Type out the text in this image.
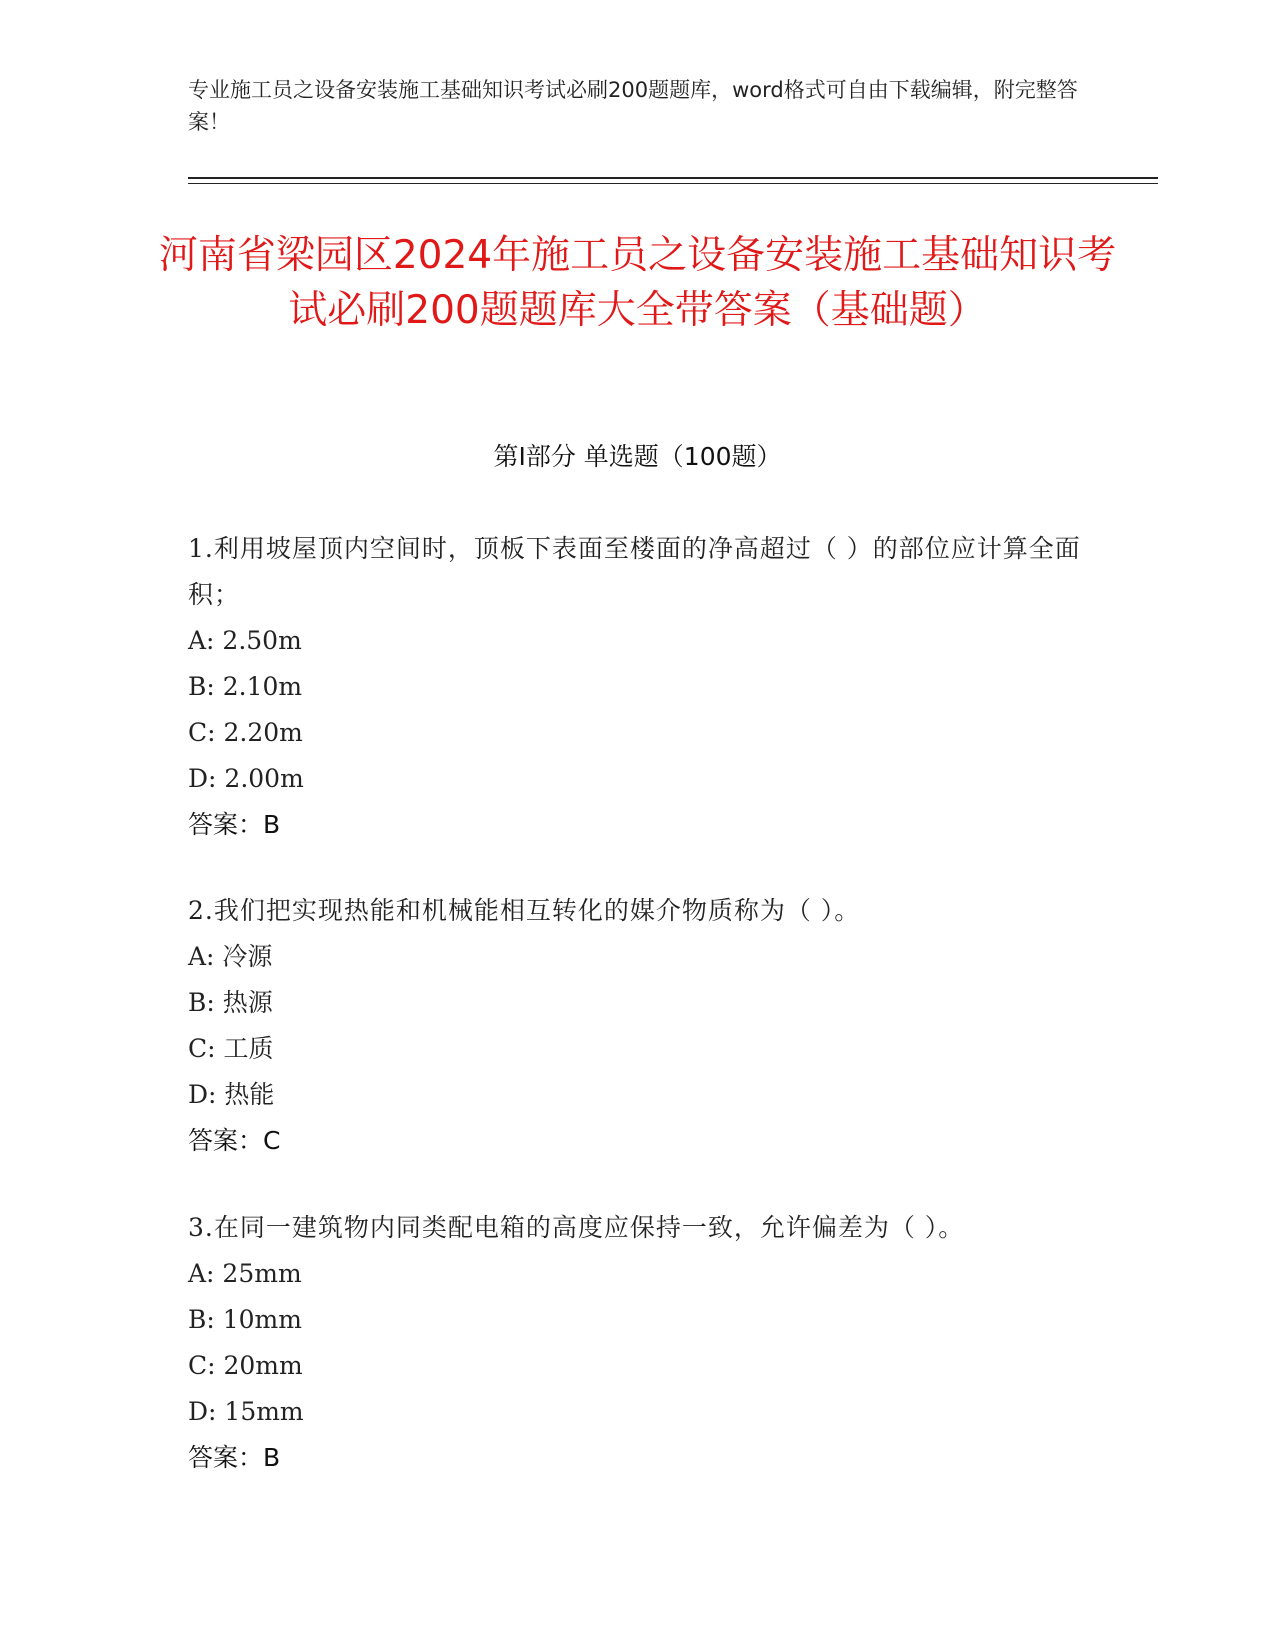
专业施工员之设备安装施工基础知识考试必刷200题题库，word格式可自由下载编辑，附完整答案！
河南省梁园区2024年施工员之设备安装施工基础知识考试必刷200题题库大全带答案（基础题）
第I部分 单选题（100题）

1.利用坡屋顶内空间时，顶板下表面至楼面的净高超过（ ）的部位应计算全面积；

A: 2.50m

B: 2.10m

C: 2.20m

D: 2.00m

答案：B

2.我们把实现热能和机械能相互转化的媒介物质称为（ ）。

A: 冷源

B: 热源

C: 工质

D: 热能

答案：C

3.在同一建筑物内同类配电箱的高度应保持一致，允许偏差为（ ）。

A: 25mm

B: 10mm

C: 20mm

D: 15mm

答案：B
